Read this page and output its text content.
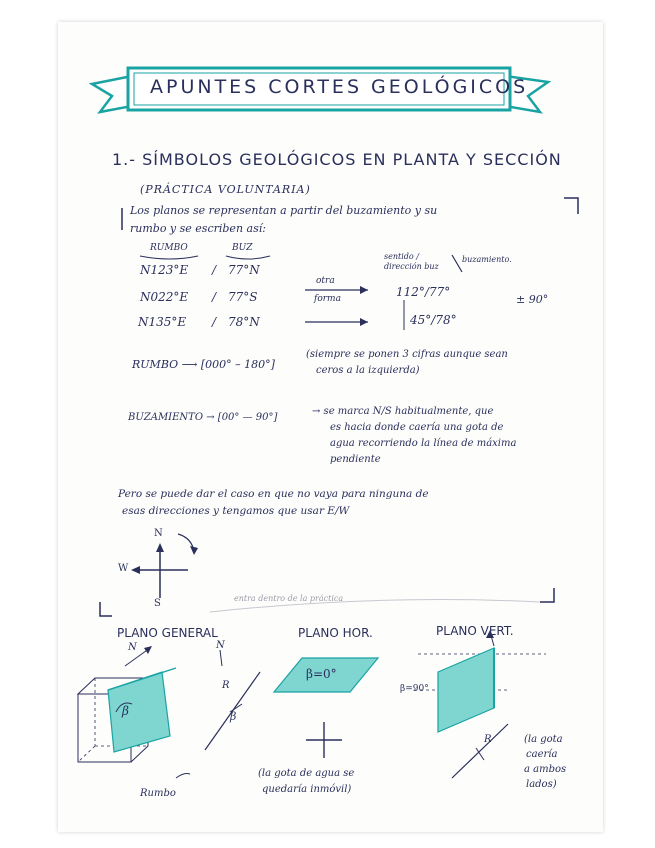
APUNTES CORTES GEOLÓGICOS
1.- SÍMBOLOS GEOLÓGICOS EN PLANTA Y SECCIÓN
(PRÁCTICA VOLUNTARIA)
Los planos se representan a partir del buzamiento y su
rumbo y se escriben así:
RUMBO	BUZ
N123°E / 77°N
N022°E / 77°S
N135°E / 78°N
otra
forma
sentido / dirección buz
buzamiento.
112°/77°
45°/78°
± 90°
RUMBO ⟶ [000° – 180°]
(siempre se ponen 3 cifras aunque sean
ceros a la izquierda)
BUZAMIENTO → [00° — 90°]
→ se marca N/S habitualmente, que
es hacia donde caería una gota de
agua recorriendo la línea de máxima
pendiente
Pero se puede dar el caso en que no vaya para ninguna de
esas direcciones y tengamos que usar E/W
N
S
W
entra dentro de la práctica
PLANO GENERAL	PLANO HOR.	PLANO VERT.
N	N
R
β	β
Rumbo
β=0°
(la gota de agua se
quedaría inmóvil)
β=90°
R	(la gota
caería
a ambos
lados)
